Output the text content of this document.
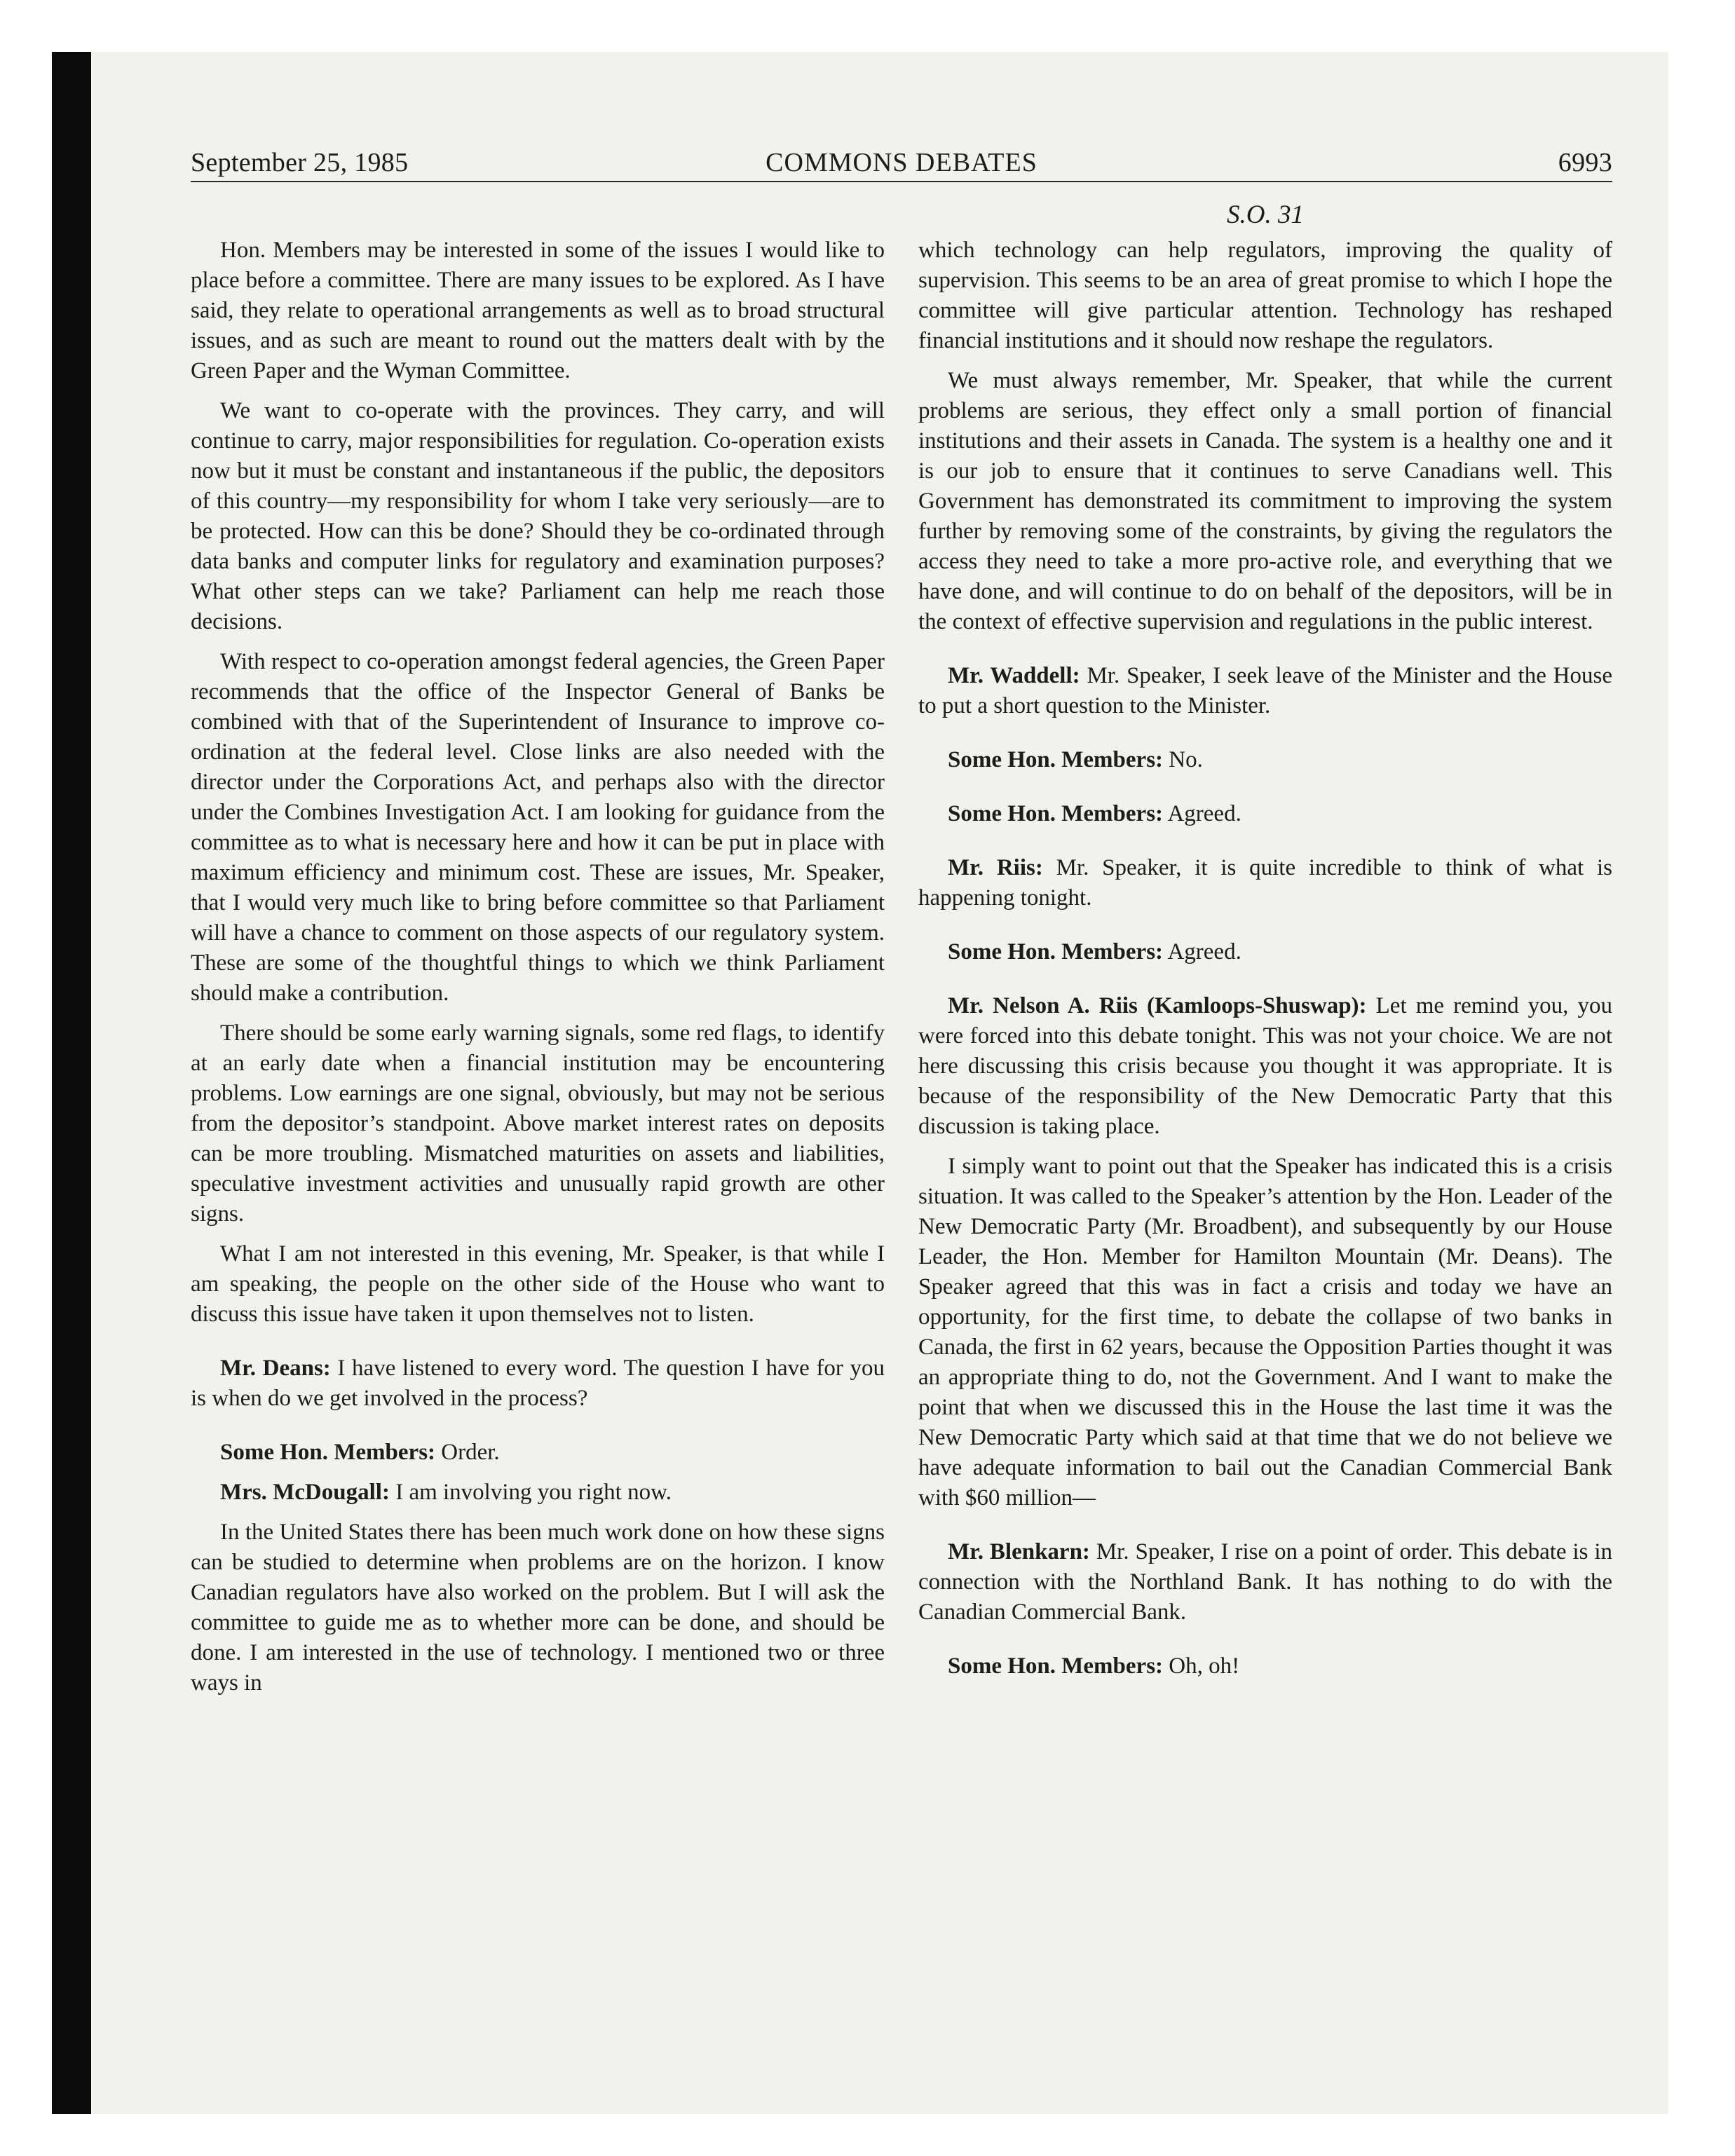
September 25, 1985	COMMONS DEBATES	6993
S.O. 31

Hon. Members may be interested in some of the issues I would like to place before a committee. There are many issues to be explored. As I have said, they relate to operational arrangements as well as to broad structural issues, and as such are meant to round out the matters dealt with by the Green Paper and the Wyman Committee.

We want to co-operate with the provinces. They carry, and will continue to carry, major responsibilities for regulation. Co-operation exists now but it must be constant and instantaneous if the public, the depositors of this country—my responsibility for whom I take very seriously—are to be protected. How can this be done? Should they be co-ordinated through data banks and computer links for regulatory and examination purposes? What other steps can we take? Parliament can help me reach those decisions.

With respect to co-operation amongst federal agencies, the Green Paper recommends that the office of the Inspector General of Banks be combined with that of the Superintendent of Insurance to improve co-ordination at the federal level. Close links are also needed with the director under the Corporations Act, and perhaps also with the director under the Combines Investigation Act. I am looking for guidance from the committee as to what is necessary here and how it can be put in place with maximum efficiency and minimum cost. These are issues, Mr. Speaker, that I would very much like to bring before committee so that Parliament will have a chance to comment on those aspects of our regulatory system. These are some of the thoughtful things to which we think Parliament should make a contribution.

There should be some early warning signals, some red flags, to identify at an early date when a financial institution may be encountering problems. Low earnings are one signal, obviously, but may not be serious from the depositor’s standpoint. Above market interest rates on deposits can be more troubling. Mismatched maturities on assets and liabilities, speculative investment activities and unusually rapid growth are other signs.

What I am not interested in this evening, Mr. Speaker, is that while I am speaking, the people on the other side of the House who want to discuss this issue have taken it upon themselves not to listen.

Mr. Deans: I have listened to every word. The question I have for you is when do we get involved in the process?

Some Hon. Members: Order.

Mrs. McDougall: I am involving you right now.

In the United States there has been much work done on how these signs can be studied to determine when problems are on the horizon. I know Canadian regulators have also worked on the problem. But I will ask the committee to guide me as to whether more can be done, and should be done. I am interested in the use of technology. I mentioned two or three ways in

which technology can help regulators, improving the quality of supervision. This seems to be an area of great promise to which I hope the committee will give particular attention. Technology has reshaped financial institutions and it should now reshape the regulators.

We must always remember, Mr. Speaker, that while the current problems are serious, they effect only a small portion of financial institutions and their assets in Canada. The system is a healthy one and it is our job to ensure that it continues to serve Canadians well. This Government has demonstrated its commitment to improving the system further by removing some of the constraints, by giving the regulators the access they need to take a more pro-active role, and everything that we have done, and will continue to do on behalf of the depositors, will be in the context of effective supervision and regulations in the public interest.

Mr. Waddell: Mr. Speaker, I seek leave of the Minister and the House to put a short question to the Minister.

Some Hon. Members: No.

Some Hon. Members: Agreed.

Mr. Riis: Mr. Speaker, it is quite incredible to think of what is happening tonight.

Some Hon. Members: Agreed.

Mr. Nelson A. Riis (Kamloops-Shuswap): Let me remind you, you were forced into this debate tonight. This was not your choice. We are not here discussing this crisis because you thought it was appropriate. It is because of the responsibility of the New Democratic Party that this discussion is taking place.

I simply want to point out that the Speaker has indicated this is a crisis situation. It was called to the Speaker’s attention by the Hon. Leader of the New Democratic Party (Mr. Broadbent), and subsequently by our House Leader, the Hon. Member for Hamilton Mountain (Mr. Deans). The Speaker agreed that this was in fact a crisis and today we have an opportunity, for the first time, to debate the collapse of two banks in Canada, the first in 62 years, because the Opposition Parties thought it was an appropriate thing to do, not the Government. And I want to make the point that when we discussed this in the House the last time it was the New Democratic Party which said at that time that we do not believe we have adequate information to bail out the Canadian Commercial Bank with $60 million—

Mr. Blenkarn: Mr. Speaker, I rise on a point of order. This debate is in connection with the Northland Bank. It has nothing to do with the Canadian Commercial Bank.

Some Hon. Members: Oh, oh!
